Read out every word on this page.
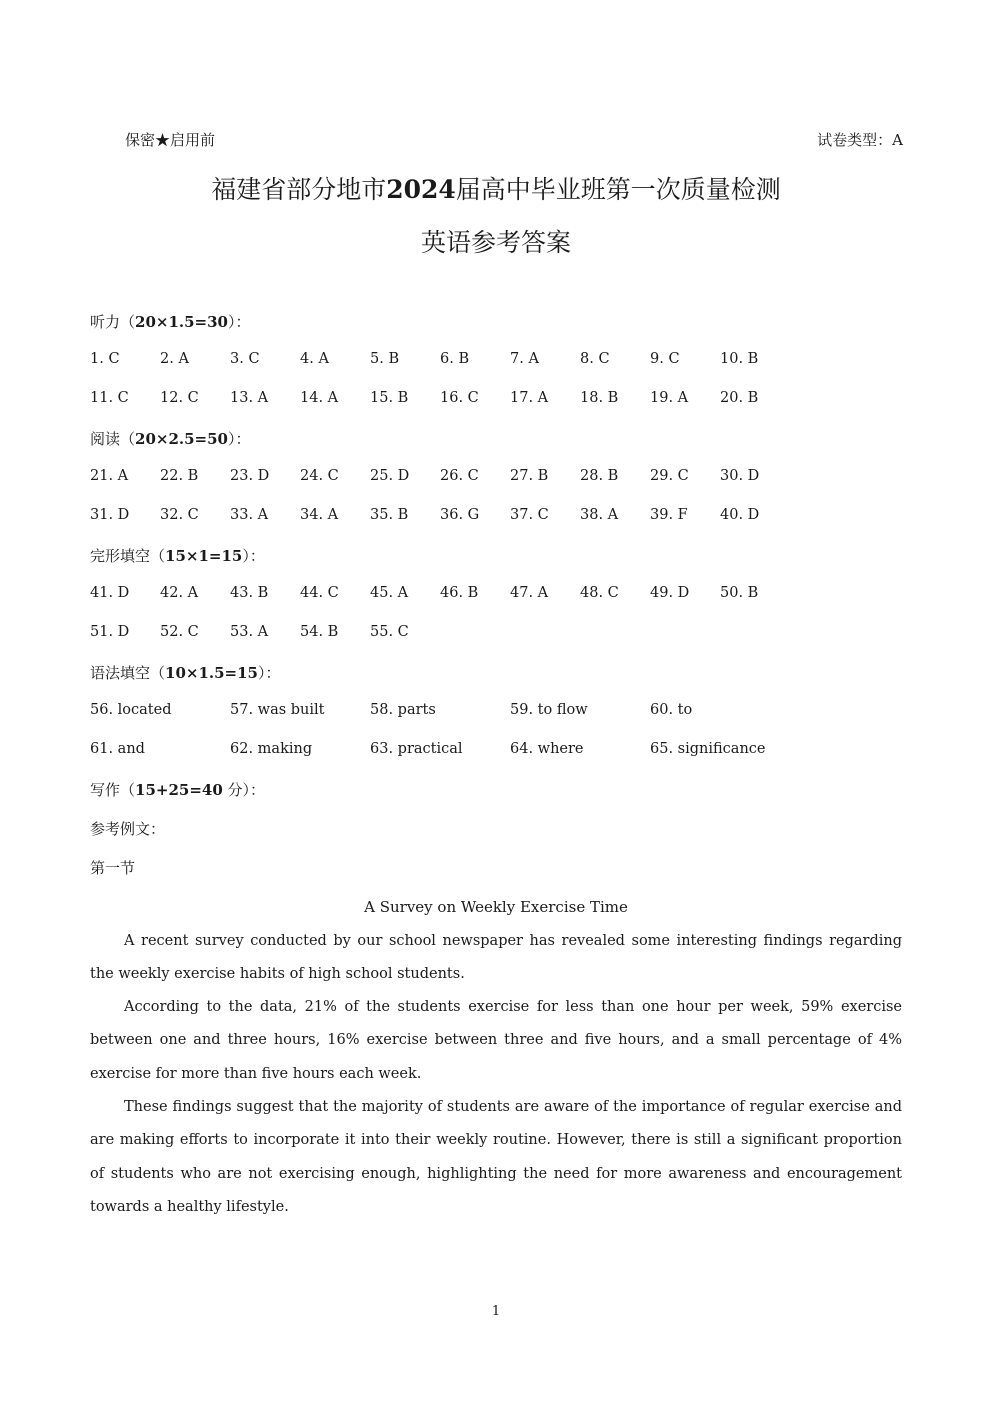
保密★启用前	试卷类型：A
福建省部分地市2024届高中毕业班第一次质量检测
英语参考答案
听力（20×1.5=30）：
1. C	2. A	3. C	4. A	5. B	6. B	7. A	8. C	9. C	10. B
11. C 12. C 13. A 14. A 15. B 16. C 17. A 18. B 19. A 20. B
阅读（20×2.5=50）：
21. A 22. B 23. D 24. C 25. D 26. C 27. B 28. B 29. C 30. D
31. D 32. C 33. A 34. A 35. B 36. G 37. C 38. A 39. F 40. D
完形填空（15×1=15）：
41. D 42. A 43. B 44. C 45. A 46. B 47. A 48. C 49. D 50. B
51. D 52. C 53. A 54. B 55. C
语法填空（10×1.5=15）：
56. located	57. was built	58. parts	59. to flow	60. to
61. and	62. making	63. practical	64. where	65. significance
写作（15+25=40 分）：
参考例文：
第一节
A Survey on Weekly Exercise Time
A recent survey conducted by our school newspaper has revealed some interesting findings regarding the weekly exercise habits of high school students.
According to the data, 21% of the students exercise for less than one hour per week, 59% exercise between one and three hours, 16% exercise between three and five hours, and a small percentage of 4% exercise for more than five hours each week.
These findings suggest that the majority of students are aware of the importance of regular exercise and are making efforts to incorporate it into their weekly routine. However, there is still a significant proportion of students who are not exercising enough, highlighting the need for more awareness and encouragement towards a healthy lifestyle.
1
